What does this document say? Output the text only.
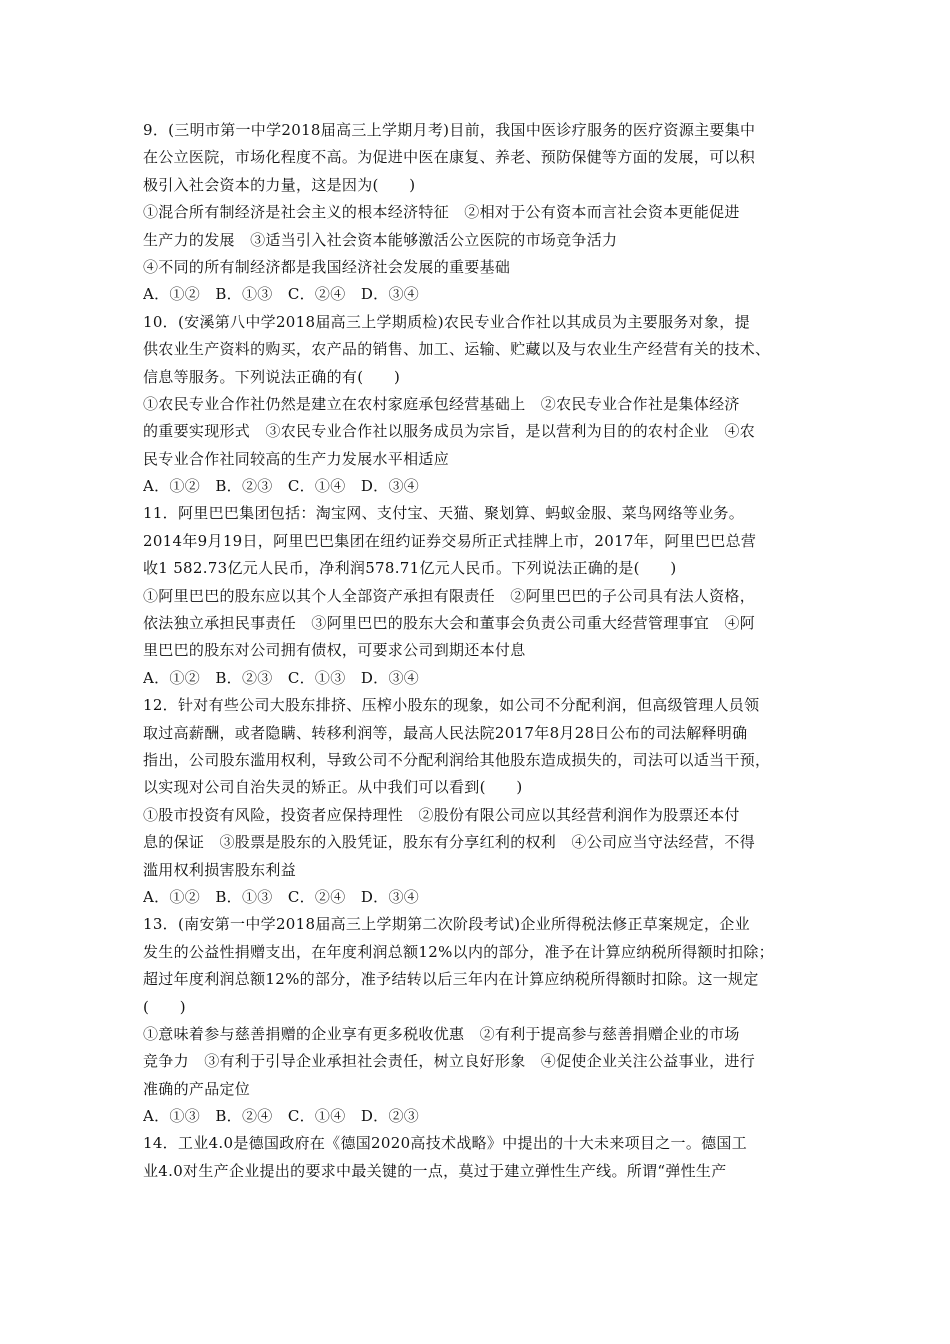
9．(三明市第一中学2018届高三上学期月考)目前，我国中医诊疗服务的医疗资源主要集中
在公立医院，市场化程度不高。为促进中医在康复、养老、预防保健等方面的发展，可以积
极引入社会资本的力量，这是因为(　　)
①混合所有制经济是社会主义的根本经济特征　②相对于公有资本而言社会资本更能促进
生产力的发展　③适当引入社会资本能够激活公立医院的市场竞争活力
④不同的所有制经济都是我国经济社会发展的重要基础
A．①②　B．①③　C．②④　D．③④
10．(安溪第八中学2018届高三上学期质检)农民专业合作社以其成员为主要服务对象，提
供农业生产资料的购买，农产品的销售、加工、运输、贮藏以及与农业生产经营有关的技术、
信息等服务。下列说法正确的有(　　)
①农民专业合作社仍然是建立在农村家庭承包经营基础上　②农民专业合作社是集体经济
的重要实现形式　③农民专业合作社以服务成员为宗旨，是以营利为目的的农村企业　④农
民专业合作社同较高的生产力发展水平相适应
A．①②　B．②③　C．①④　D．③④
11．阿里巴巴集团包括：淘宝网、支付宝、天猫、聚划算、蚂蚁金服、菜鸟网络等业务。
2014年9月19日，阿里巴巴集团在纽约证券交易所正式挂牌上市，2017年，阿里巴巴总营
收1 582.73亿元人民币，净利润578.71亿元人民币。下列说法正确的是(　　)
①阿里巴巴的股东应以其个人全部资产承担有限责任　②阿里巴巴的子公司具有法人资格，
依法独立承担民事责任　③阿里巴巴的股东大会和董事会负责公司重大经营管理事宜　④阿
里巴巴的股东对公司拥有债权，可要求公司到期还本付息
A．①②　B．②③　C．①③　D．③④
12．针对有些公司大股东排挤、压榨小股东的现象，如公司不分配利润，但高级管理人员领
取过高薪酬，或者隐瞒、转移利润等，最高人民法院2017年8月28日公布的司法解释明确
指出，公司股东滥用权利，导致公司不分配利润给其他股东造成损失的，司法可以适当干预，
以实现对公司自治失灵的矫正。从中我们可以看到(　　)
①股市投资有风险，投资者应保持理性　②股份有限公司应以其经营利润作为股票还本付
息的保证　③股票是股东的入股凭证，股东有分享红利的权利　④公司应当守法经营，不得
滥用权利损害股东利益
A．①②　B．①③　C．②④　D．③④
13．(南安第一中学2018届高三上学期第二次阶段考试)企业所得税法修正草案规定，企业
发生的公益性捐赠支出，在年度利润总额12%以内的部分，准予在计算应纳税所得额时扣除；
超过年度利润总额12%的部分，准予结转以后三年内在计算应纳税所得额时扣除。这一规定
(　　)
①意味着参与慈善捐赠的企业享有更多税收优惠　②有利于提高参与慈善捐赠企业的市场
竞争力　③有利于引导企业承担社会责任，树立良好形象　④促使企业关注公益事业，进行
准确的产品定位
A．①③　B．②④　C．①④　D．②③
14．工业4.0是德国政府在《德国2020高技术战略》中提出的十大未来项目之一。德国工
业4.0对生产企业提出的要求中最关键的一点，莫过于建立弹性生产线。所谓“弹性生产
